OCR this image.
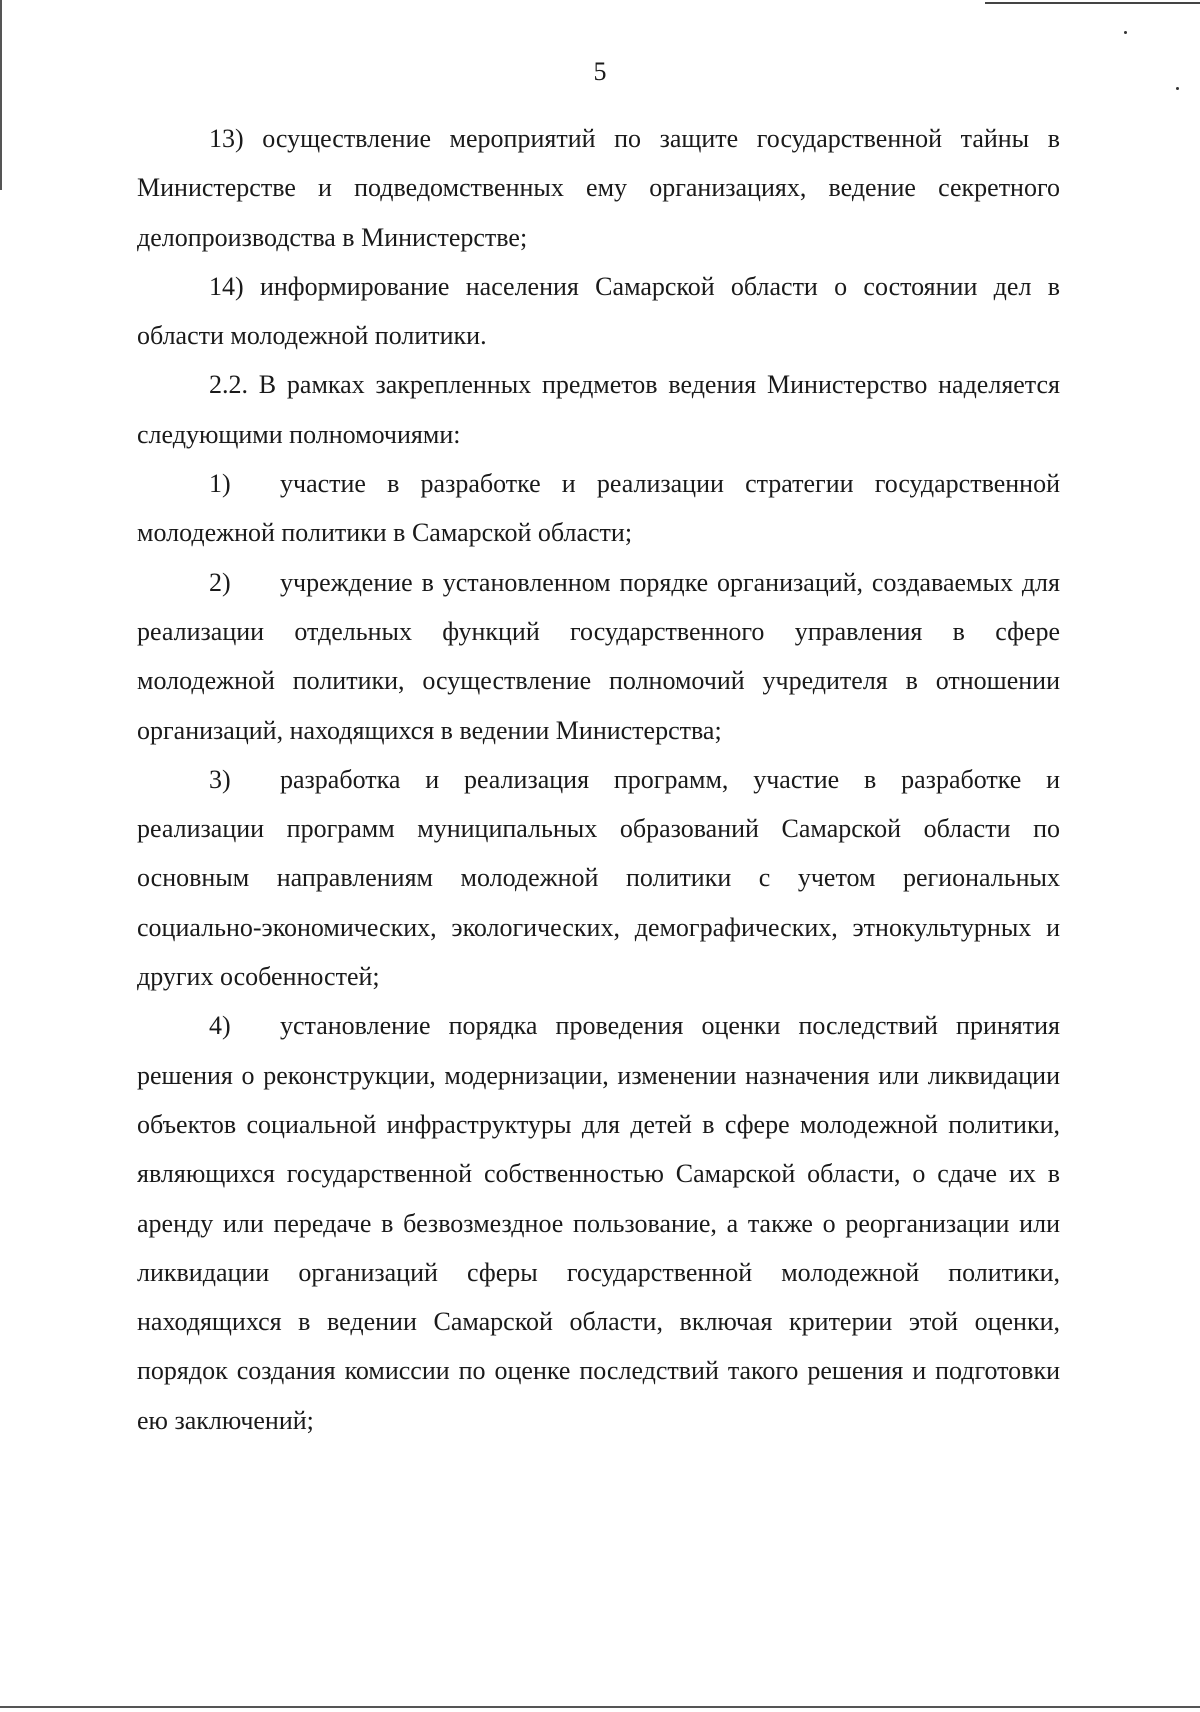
5

13) осуществление мероприятий по защите государственной тайны в Министерстве и подведомственных ему организациях, ведение секретного делопроизводства в Министерстве;

14) информирование населения Самарской области о состоянии дел в области молодежной политики.

2.2. В рамках закрепленных предметов ведения Министерство наделяется следующими полномочиями:

1) участие в разработке и реализации стратегии государственной молодежной политики в Самарской области;

2) учреждение в установленном порядке организаций, создаваемых для реализации отдельных функций государственного управления в сфере молодежной политики, осуществление полномочий учредителя в отношении организаций, находящихся в ведении Министерства;

3) разработка и реализация программ, участие в разработке и реализации программ муниципальных образований Самарской области по основным направлениям молодежной политики с учетом региональных социально-экономических, экологических, демографических, этнокультурных и других особенностей;

4) установление порядка проведения оценки последствий принятия решения о реконструкции, модернизации, изменении назначения или ликвидации объектов социальной инфраструктуры для детей в сфере молодежной политики, являющихся государственной собственностью Самарской области, о сдаче их в аренду или передаче в безвозмездное пользование, а также о реорганизации или ликвидации организаций сферы государственной молодежной политики, находящихся в ведении Самарской области, включая критерии этой оценки, порядок создания комиссии по оценке последствий такого решения и подготовки ею заключений;
